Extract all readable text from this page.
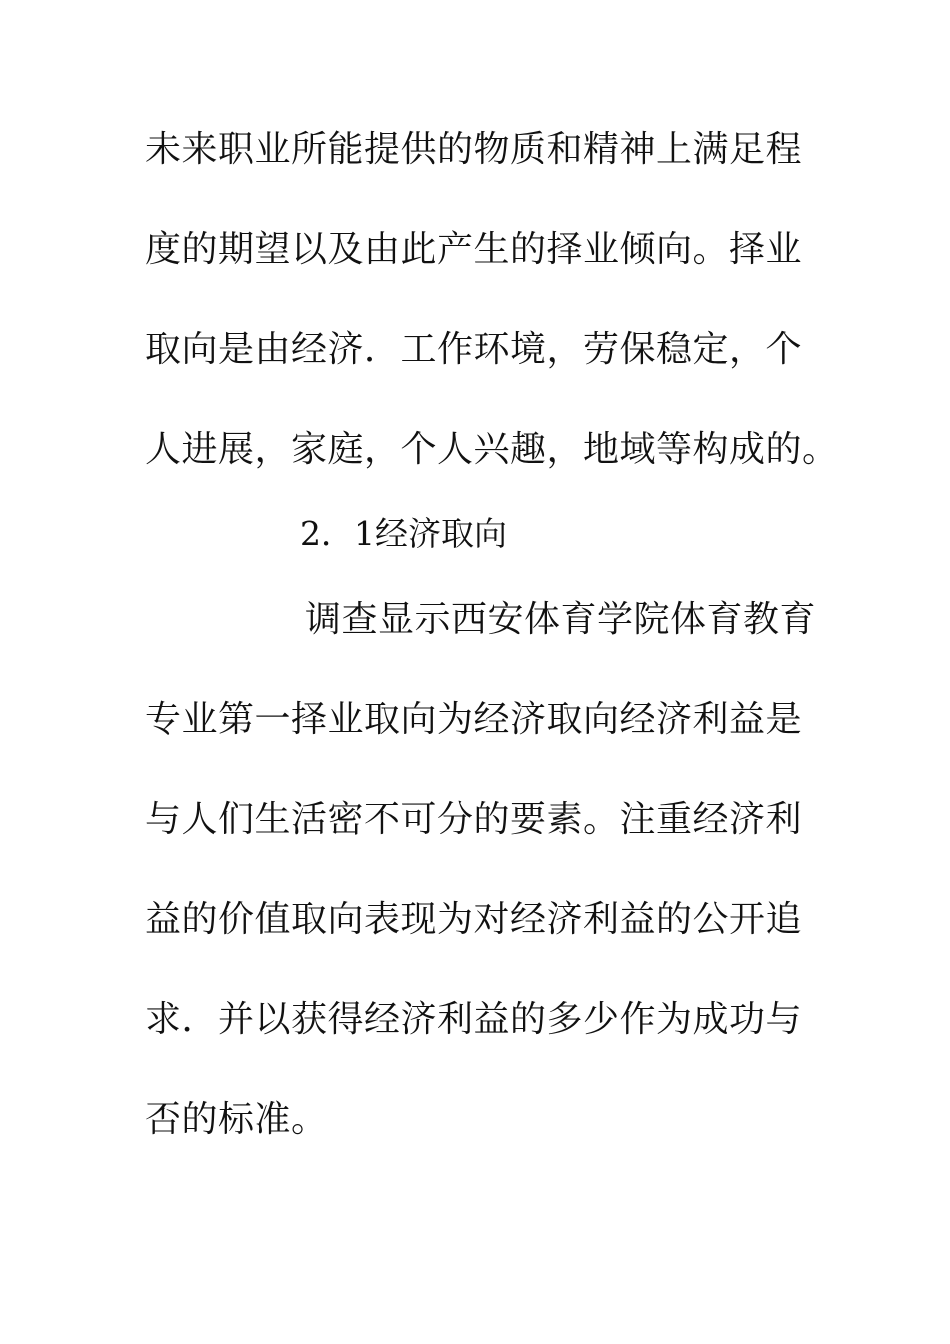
未来职业所能提供的物质和精神上满足程
度的期望以及由此产生的择业倾向。择业
取向是由经济．工作环境，劳保稳定，个
人进展，家庭，个人兴趣，地域等构成的。
2．1经济取向
调查显示西安体育学院体育教育
专业第一择业取向为经济取向经济利益是
与人们生活密不可分的要素。注重经济利
益的价值取向表现为对经济利益的公开追
求．并以获得经济利益的多少作为成功与
否的标准。
